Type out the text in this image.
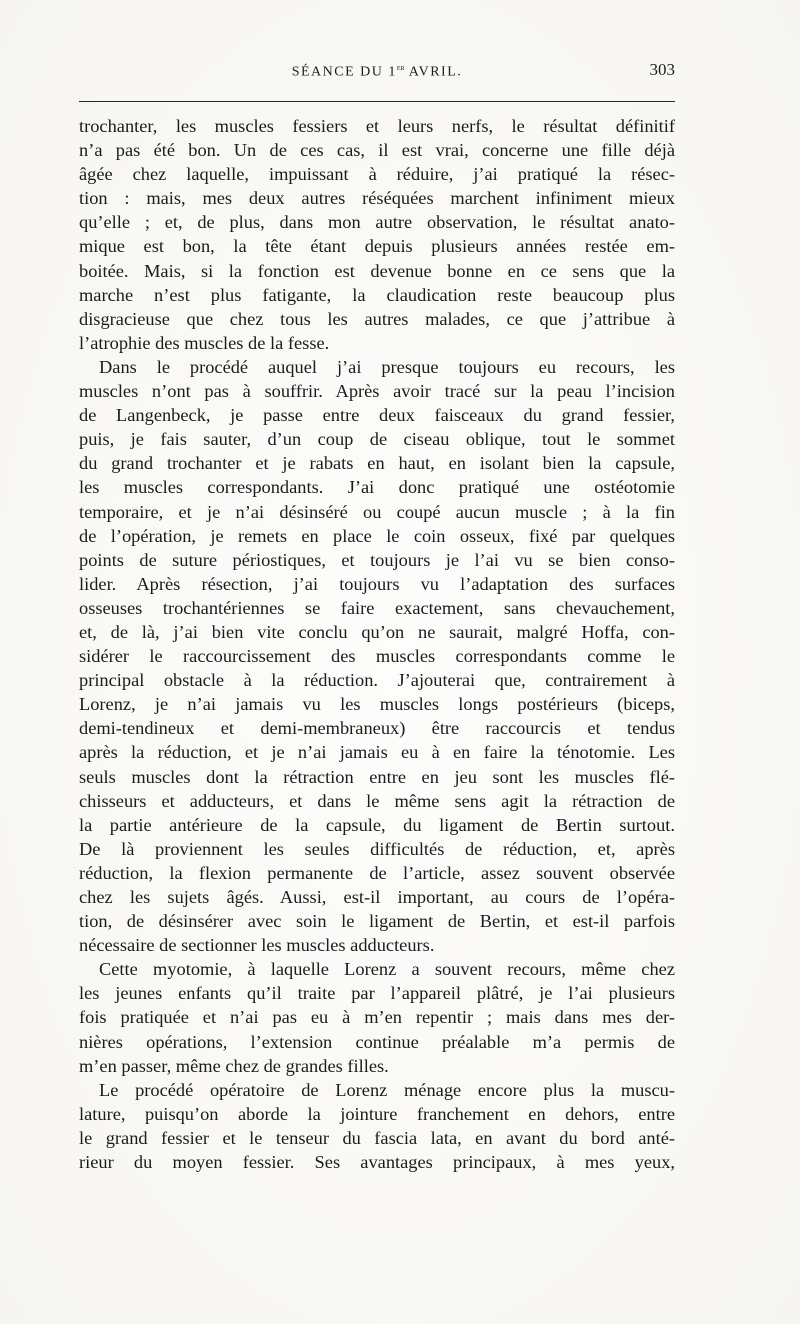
SÉANCE DU 1er AVRIL.	303
trochanter, les muscles fessiers et leurs nerfs, le résultat définitif
n’a pas été bon. Un de ces cas, il est vrai, concerne une fille déjà
âgée chez laquelle, impuissant à réduire, j’ai pratiqué la résec-
tion : mais, mes deux autres réséquées marchent infiniment mieux
qu’elle ; et, de plus, dans mon autre observation, le résultat anato-
mique est bon, la tête étant depuis plusieurs années restée em-
boitée. Mais, si la fonction est devenue bonne en ce sens que la
marche n’est plus fatigante, la claudication reste beaucoup plus
disgracieuse que chez tous les autres malades, ce que j’attribue à
l’atrophie des muscles de la fesse.
Dans le procédé auquel j’ai presque toujours eu recours, les
muscles n’ont pas à souffrir. Après avoir tracé sur la peau l’incision
de Langenbeck, je passe entre deux faisceaux du grand fessier,
puis, je fais sauter, d’un coup de ciseau oblique, tout le sommet
du grand trochanter et je rabats en haut, en isolant bien la capsule,
les muscles correspondants. J’ai donc pratiqué une ostéotomie
temporaire, et je n’ai désinséré ou coupé aucun muscle ; à la fin
de l’opération, je remets en place le coin osseux, fixé par quelques
points de suture périostiques, et toujours je l’ai vu se bien conso-
lider. Après résection, j’ai toujours vu l’adaptation des surfaces
osseuses trochantériennes se faire exactement, sans chevauchement,
et, de là, j’ai bien vite conclu qu’on ne saurait, malgré Hoffa, con-
sidérer le raccourcissement des muscles correspondants comme le
principal obstacle à la réduction. J’ajouterai que, contrairement à
Lorenz, je n’ai jamais vu les muscles longs postérieurs (biceps,
demi-tendineux et demi-membraneux) être raccourcis et tendus
après la réduction, et je n’ai jamais eu à en faire la ténotomie. Les
seuls muscles dont la rétraction entre en jeu sont les muscles flé-
chisseurs et adducteurs, et dans le même sens agit la rétraction de
la partie antérieure de la capsule, du ligament de Bertin surtout.
De là proviennent les seules difficultés de réduction, et, après
réduction, la flexion permanente de l’article, assez souvent observée
chez les sujets âgés. Aussi, est-il important, au cours de l’opéra-
tion, de désinsérer avec soin le ligament de Bertin, et est-il parfois
nécessaire de sectionner les muscles adducteurs.
Cette myotomie, à laquelle Lorenz a souvent recours, même chez
les jeunes enfants qu’il traite par l’appareil plâtré, je l’ai plusieurs
fois pratiquée et n’ai pas eu à m’en repentir ; mais dans mes der-
nières opérations, l’extension continue préalable m’a permis de
m’en passer, même chez de grandes filles.
Le procédé opératoire de Lorenz ménage encore plus la muscu-
lature, puisqu’on aborde la jointure franchement en dehors, entre
le grand fessier et le tenseur du fascia lata, en avant du bord anté-
rieur du moyen fessier. Ses avantages principaux, à mes yeux,
